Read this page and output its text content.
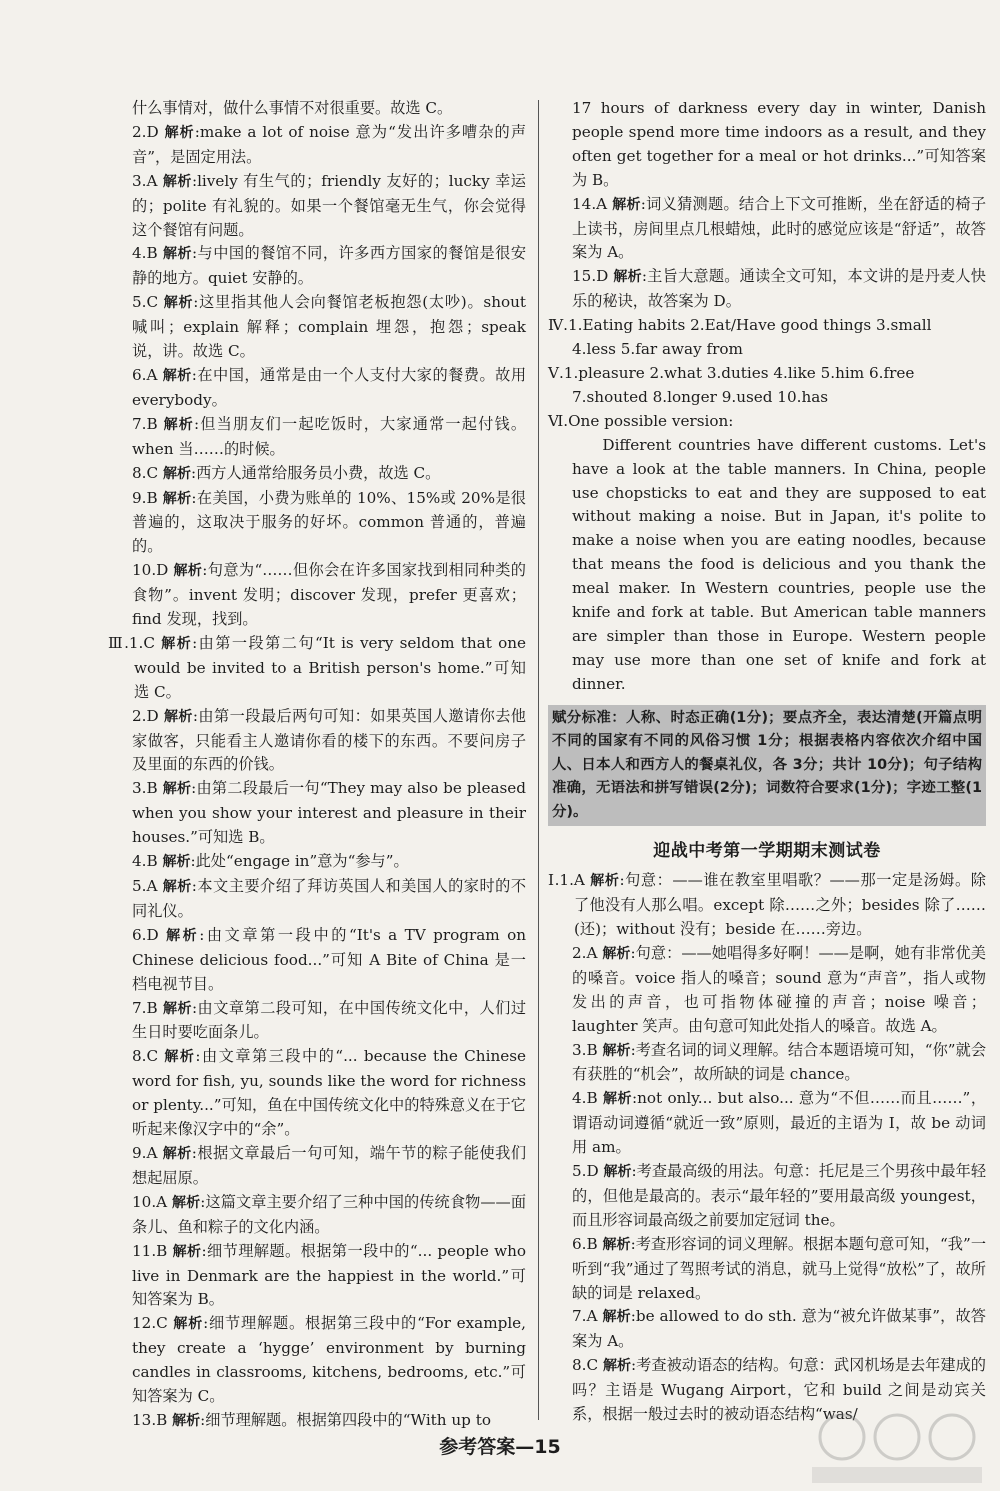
什么事情对，做什么事情不对很重要。故选 C。

2.D 解析:make a lot of noise 意为“发出许多嘈杂的声音”，是固定用法。

3.A 解析:lively 有生气的；friendly 友好的；lucky 幸运的；polite 有礼貌的。如果一个餐馆毫无生气，你会觉得这个餐馆有问题。

4.B 解析:与中国的餐馆不同，许多西方国家的餐馆是很安静的地方。quiet 安静的。

5.C 解析:这里指其他人会向餐馆老板抱怨(太吵)。shout 喊叫；explain 解释；complain 埋怨，抱怨；speak 说，讲。故选 C。

6.A 解析:在中国，通常是由一个人支付大家的餐费。故用 everybody。

7.B 解析:但当朋友们一起吃饭时，大家通常一起付钱。when 当……的时候。

8.C 解析:西方人通常给服务员小费，故选 C。

9.B 解析:在美国，小费为账单的 10%、15%或 20%是很普遍的，这取决于服务的好坏。common 普通的，普遍的。

10.D 解析:句意为“……但你会在许多国家找到相同种类的食物”。invent 发明；discover 发现，prefer 更喜欢；find 发现，找到。

Ⅲ.1.C 解析:由第一段第二句“It is very seldom that one would be invited to a British person's home.”可知选 C。

2.D 解析:由第一段最后两句可知：如果英国人邀请你去他家做客，只能看主人邀请你看的楼下的东西。不要问房子及里面的东西的价钱。

3.B 解析:由第二段最后一句“They may also be pleased when you show your interest and pleasure in their houses.”可知选 B。

4.B 解析:此处“engage in”意为“参与”。

5.A 解析:本文主要介绍了拜访英国人和美国人的家时的不同礼仪。

6.D 解析:由文章第一段中的“It's a TV program on Chinese delicious food...”可知 A Bite of China 是一档电视节目。

7.B 解析:由文章第二段可知，在中国传统文化中，人们过生日时要吃面条儿。

8.C 解析:由文章第三段中的“... because the Chinese word for fish, yu, sounds like the word for richness or plenty...”可知，鱼在中国传统文化中的特殊意义在于它听起来像汉字中的“余”。

9.A 解析:根据文章最后一句可知，端午节的粽子能使我们想起屈原。

10.A 解析:这篇文章主要介绍了三种中国的传统食物——面条儿、鱼和粽子的文化内涵。

11.B 解析:细节理解题。根据第一段中的“... people who live in Denmark are the happiest in the world.”可知答案为 B。

12.C 解析:细节理解题。根据第三段中的“For example, they create a ‘hygge’ environment by burning candles in classrooms, kitchens, bedrooms, etc.”可知答案为 C。

13.B 解析:细节理解题。根据第四段中的“With up to

17 hours of darkness every day in winter, Danish people spend more time indoors as a result, and they often get together for a meal or hot drinks...”可知答案为 B。

14.A 解析:词义猜测题。结合上下文可推断，坐在舒适的椅子上读书，房间里点几根蜡烛，此时的感觉应该是“舒适”，故答案为 A。

15.D 解析:主旨大意题。通读全文可知，本文讲的是丹麦人快乐的秘诀，故答案为 D。

Ⅳ.1.Eating habits 2.Eat/Have good things 3.small

4.less 5.far away from

Ⅴ.1.pleasure 2.what 3.duties 4.like 5.him 6.free

7.shouted 8.longer 9.used 10.has

Ⅵ.One possible version:

Different countries have different customs. Let's have a look at the table manners. In China, people use chopsticks to eat and they are supposed to eat without making a noise. But in Japan, it's polite to make a noise when you are eating noodles, because that means the food is delicious and you thank the meal maker. In Western countries, people use the knife and fork at table. But American table manners are simpler than those in Europe. Western people may use more than one set of knife and fork at dinner.

赋分标准：人称、时态正确(1分)；要点齐全，表达清楚(开篇点明不同的国家有不同的风俗习惯 1分；根据表格内容依次介绍中国人、日本人和西方人的餐桌礼仪，各 3分；共计 10分)；句子结构准确，无语法和拼写错误(2分)；词数符合要求(1分)；字迹工整(1分)。
迎战中考第一学期期末测试卷

Ⅰ.1.A 解析:句意：——谁在教室里唱歌？——那一定是汤姆。除了他没有人那么唱。except 除……之外；besides 除了……(还)；without 没有；beside 在……旁边。

2.A 解析:句意：——她唱得多好啊！——是啊，她有非常优美的嗓音。voice 指人的嗓音；sound 意为“声音”，指人或物发出的声音，也可指物体碰撞的声音；noise 噪音；laughter 笑声。由句意可知此处指人的嗓音。故选 A。

3.B 解析:考查名词的词义理解。结合本题语境可知，“你”就会有获胜的“机会”，故所缺的词是 chance。

4.B 解析:not only... but also... 意为“不但……而且……”，谓语动词遵循“就近一致”原则，最近的主语为 I，故 be 动词用 am。

5.D 解析:考查最高级的用法。句意：托尼是三个男孩中最年轻的，但他是最高的。表示“最年轻的”要用最高级 youngest，而且形容词最高级之前要加定冠词 the。

6.B 解析:考查形容词的词义理解。根据本题句意可知，“我”一听到“我”通过了驾照考试的消息，就马上觉得“放松”了，故所缺的词是 relaxed。

7.A 解析:be allowed to do sth. 意为“被允许做某事”，故答案为 A。

8.C 解析:考查被动语态的结构。句意：武冈机场是去年建成的吗？主语是 Wugang Airport，它和 build 之间是动宾关系，根据一般过去时的被动语态结构“was/

参考答案—15
